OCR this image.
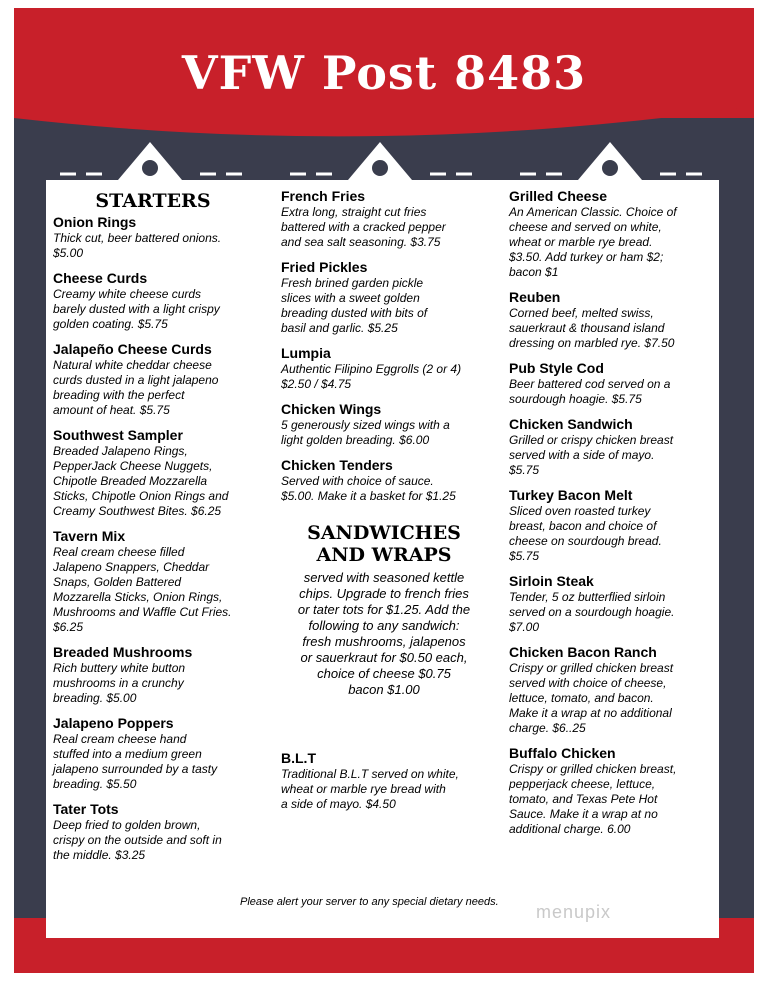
VFW Post 8483
STARTERS
Onion Rings
Thick cut, beer battered onions.
$5.00
Cheese Curds
Creamy white cheese curds
barely dusted with a light crispy
golden coating. $5.75
Jalapeño Cheese Curds
Natural white cheddar cheese
curds dusted in a light jalapeno
breading with the perfect
amount of heat. $5.75
Southwest Sampler
Breaded Jalapeno Rings,
PepperJack Cheese Nuggets,
Chipotle Breaded Mozzarella
Sticks, Chipotle Onion Rings and
Creamy Southwest Bites. $6.25
Tavern Mix
Real cream cheese filled
Jalapeno Snappers, Cheddar
Snaps, Golden Battered
Mozzarella Sticks, Onion Rings,
Mushrooms and Waffle Cut Fries.
$6.25
Breaded Mushrooms
Rich buttery white button
mushrooms in a crunchy
breading. $5.00
Jalapeno Poppers
Real cream cheese hand
stuffed into a medium green
jalapeno surrounded by a tasty
breading. $5.50
Tater Tots
Deep fried to golden brown,
crispy on the outside and soft in
the middle. $3.25
French Fries
Extra long, straight cut fries
battered with a cracked pepper
and sea salt seasoning. $3.75
Fried Pickles
Fresh brined garden pickle
slices with a sweet golden
breading dusted with bits of
basil and garlic. $5.25
Lumpia
Authentic Filipino Eggrolls (2 or 4)
$2.50 / $4.75
Chicken Wings
5 generously sized wings with a
light golden breading. $6.00
Chicken Tenders
Served with choice of sauce.
$5.00. Make it a basket for $1.25
SANDWICHES
AND WRAPS
served with seasoned kettle
chips. Upgrade to french fries
or tater tots for $1.25. Add the
following to any sandwich:
fresh mushrooms, jalapenos
or sauerkraut for $0.50 each,
choice of cheese $0.75
bacon $1.00
B.L.T
Traditional B.L.T served on white,
wheat or marble rye bread with
a side of mayo. $4.50
Grilled Cheese
An American Classic. Choice of
cheese and served on white,
wheat or marble rye bread.
$3.50. Add turkey or ham $2;
bacon $1
Reuben
Corned beef, melted swiss,
sauerkraut & thousand island
dressing on marbled rye. $7.50
Pub Style Cod
Beer battered cod served on a
sourdough hoagie. $5.75
Chicken Sandwich
Grilled or crispy chicken breast
served with a side of mayo.
$5.75
Turkey Bacon Melt
Sliced oven roasted turkey
breast, bacon and choice of
cheese on sourdough bread.
$5.75
Sirloin Steak
Tender, 5 oz butterflied sirloin
served on a sourdough hoagie.
$7.00
Chicken Bacon Ranch
Crispy or grilled chicken breast
served with choice of cheese,
lettuce, tomato, and bacon.
Make it a wrap at no additional
charge. $6..25
Buffalo Chicken
Crispy or grilled chicken breast,
pepperjack cheese, lettuce,
tomato, and Texas Pete Hot
Sauce. Make it a wrap at no
additional charge. 6.00
Please alert your server to any special dietary needs. menupix
